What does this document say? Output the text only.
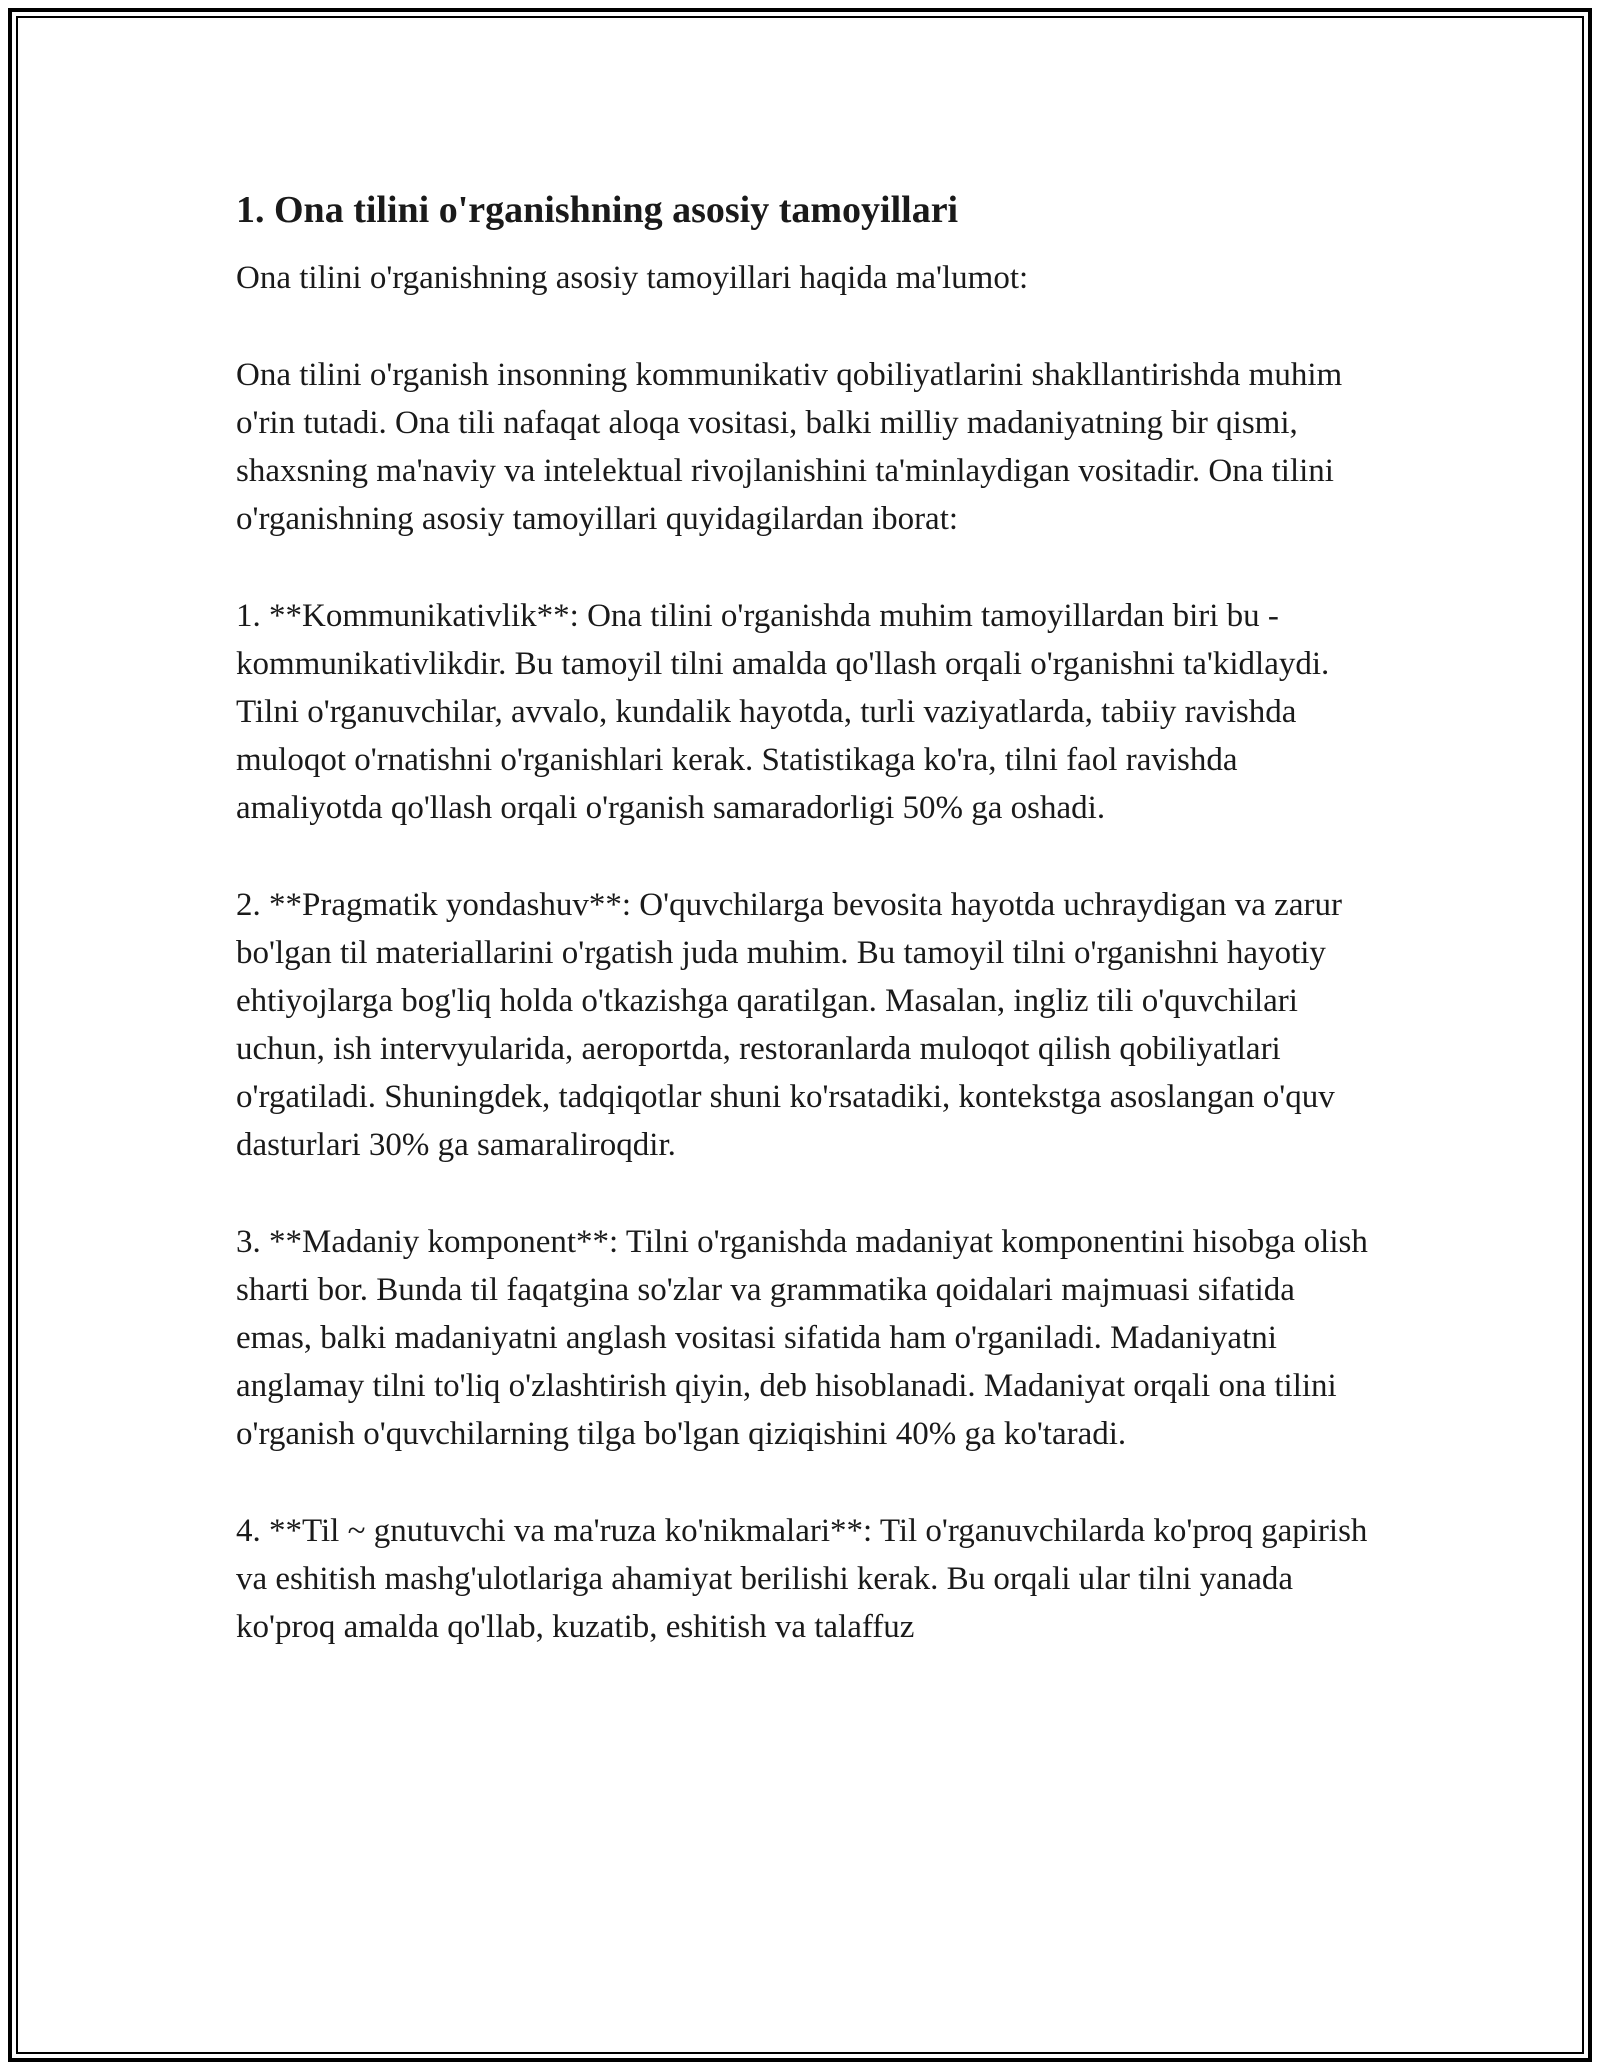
1. Ona tilini o'rganishning asosiy tamoyillari

Ona tilini o'rganishning asosiy tamoyillari haqida ma'lumot:

Ona tilini o'rganish insonning kommunikativ qobiliyatlarini shakllantirishda muhim o'rin tutadi. Ona tili nafaqat aloqa vositasi, balki milliy madaniyatning bir qismi, shaxsning ma'naviy va intelektual rivojlanishini ta'minlaydigan vositadir. Ona tilini o'rganishning asosiy tamoyillari quyidagilardan iborat:

1. **Kommunikativlik**: Ona tilini o'rganishda muhim tamoyillardan biri bu - kommunikativlikdir. Bu tamoyil tilni amalda qo'llash orqali o'rganishni ta'kidlaydi. Tilni o'rganuvchilar, avvalo, kundalik hayotda, turli vaziyatlarda, tabiiy ravishda muloqot o'rnatishni o'rganishlari kerak. Statistikaga ko'ra, tilni faol ravishda amaliyotda qo'llash orqali o'rganish samaradorligi 50% ga oshadi.

2. **Pragmatik yondashuv**: O'quvchilarga bevosita hayotda uchraydigan va zarur bo'lgan til materiallarini o'rgatish juda muhim. Bu tamoyil tilni o'rganishni hayotiy ehtiyojlarga bog'liq holda o'tkazishga qaratilgan. Masalan, ingliz tili o'quvchilari uchun, ish intervyularida, aeroportda, restoranlarda muloqot qilish qobiliyatlari o'rgatiladi. Shuningdek, tadqiqotlar shuni ko'rsatadiki, kontekstga asoslangan o'quv dasturlari 30% ga samaraliroqdir.

3. **Madaniy komponent**: Tilni o'rganishda madaniyat komponentini hisobga olish sharti bor. Bunda til faqatgina so'zlar va grammatika qoidalari majmuasi sifatida emas, balki madaniyatni anglash vositasi sifatida ham o'rganiladi. Madaniyatni anglamay tilni to'liq o'zlashtirish qiyin, deb hisoblanadi. Madaniyat orqali ona tilini o'rganish o'quvchilarning tilga bo'lgan qiziqishini 40% ga ko'taradi.

4. **Til ~ gnutuvchi va ma'ruza ko'nikmalari**: Til o'rganuvchilarda ko'proq gapirish va eshitish mashg'ulotlariga ahamiyat berilishi kerak. Bu orqali ular tilni yanada ko'proq amalda qo'llab, kuzatib, eshitish va talaffuz
